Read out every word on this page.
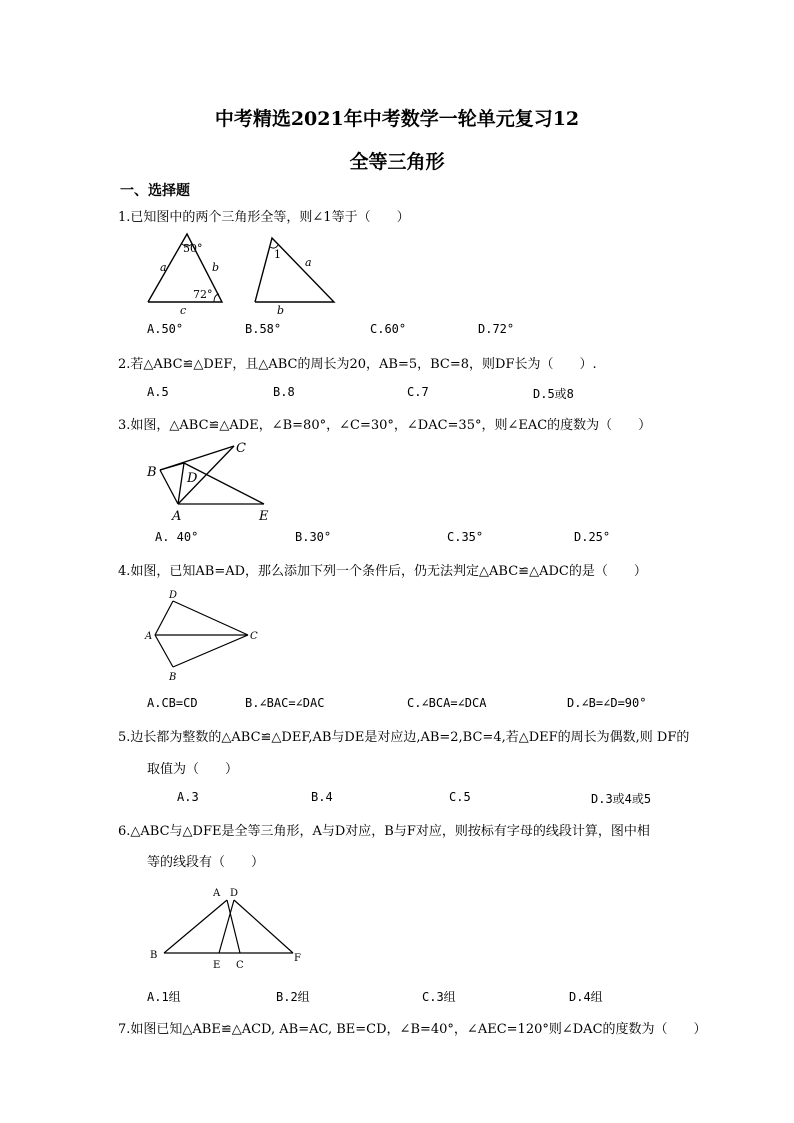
中考精选2021年中考数学一轮单元复习12
全等三角形
一、选择题
1.已知图中的两个三角形全等，则∠1等于（　　）
50°
72°
a	b
c
1
a
b
A.50°	B.58°	C.60°	D.72°
2.若△ABC≌△DEF，且△ABC的周长为20，AB=5，BC=8，则DF长为（　　）.
A.5	B.8	C.7	D.5或8
3.如图，△ABC≌△ADE，∠B=80°，∠C=30°，∠DAC=35°，则∠EAC的度数为（　　）
B
C
D
A	E
A. 40°	B.30°	C.35°	D.25°
4.如图，已知AB=AD，那么添加下列一个条件后，仍无法判定△ABC≌△ADC的是（　　）
D
A	C
B
A.CB=CD	B.∠BAC=∠DAC	C.∠BCA=∠DCA	D.∠B=∠D=90°
5.边长都为整数的△ABC≌△DEF,AB与DE是对应边,AB=2,BC=4,若△DEF的周长为偶数,则 DF的
取值为（　　）
A.3	B.4	C.5	D.3或4或5
6.△ABC与△DFE是全等三角形，A与D对应，B与F对应，则按标有字母的线段计算，图中相
等的线段有（　　）
A D
B
E C
F
A.1组	B.2组	C.3组	D.4组
7.如图已知△ABE≌△ACD, AB=AC, BE=CD，∠B=40°，∠AEC=120°则∠DAC的度数为（　　）
